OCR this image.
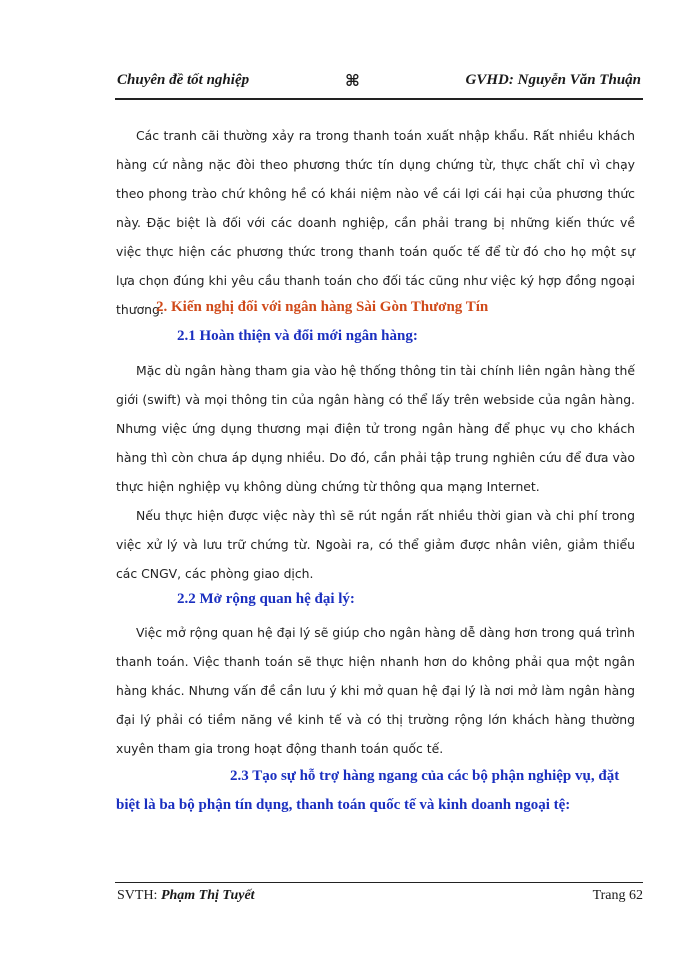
Chuyên đề tốt nghiệp	⌘	GVHD: Nguyễn Văn Thuận

Các tranh cãi thường xảy ra trong thanh toán xuất nhập khẩu. Rất nhiều khách hàng cứ nằng nặc đòi theo phương thức tín dụng chứng từ, thực chất chỉ vì chạy theo phong trào chứ không hề có khái niệm nào về cái lợi cái hại của phương thức này. Đặc biệt là đối với các doanh nghiệp, cần phải trang bị những kiến thức về việc thực hiện các phương thức trong thanh toán quốc tế để từ đó cho họ một sự lựa chọn đúng khi yêu cầu thanh toán cho đối tác cũng như việc ký hợp đồng ngoại thương.

2. Kiến nghị đối với ngân hàng Sài Gòn Thương Tín
2.1 Hoàn thiện và đổi mới ngân hàng:

Mặc dù ngân hàng tham gia vào hệ thống thông tin tài chính liên ngân hàng thế giới (swift) và mọi thông tin của ngân hàng có thể lấy trên webside của ngân hàng. Nhưng việc ứng dụng thương mại điện tử trong ngân hàng để phục vụ cho khách hàng thì còn chưa áp dụng nhiều. Do đó, cần phải tập trung nghiên cứu để đưa vào thực hiện nghiệp vụ không dùng chứng từ thông qua mạng Internet.

Nếu thực hiện được việc này thì sẽ rút ngắn rất nhiều thời gian và chi phí trong việc xử lý và lưu trữ chứng từ. Ngoài ra, có thể giảm được nhân viên, giảm thiểu các CNGV, các phòng giao dịch.

2.2 Mở rộng quan hệ đại lý:

Việc mở rộng quan hệ đại lý sẽ giúp cho ngân hàng dễ dàng hơn trong quá trình thanh toán. Việc thanh toán sẽ thực hiện nhanh hơn do không phải qua một ngân hàng khác. Nhưng vấn đề cần lưu ý khi mở quan hệ đại lý là nơi mở làm ngân hàng đại lý phải có tiềm năng về kinh tế và có thị trường rộng lớn khách hàng thường xuyên tham gia trong hoạt động thanh toán quốc tế.

2.3 Tạo sự hỗ trợ hàng ngang của các bộ phận nghiệp vụ, đặt biệt là ba bộ phận tín dụng, thanh toán quốc tế và kinh doanh ngoại tệ:

SVTH: Phạm Thị Tuyết	Trang 62
